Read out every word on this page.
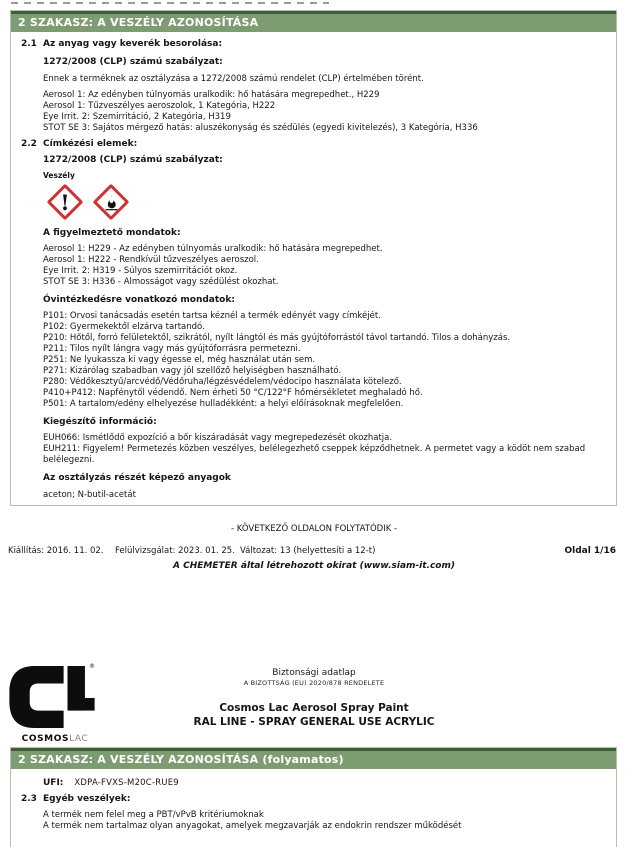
2 SZAKASZ: A VESZÉLY AZONOSÍTÁSA
2.1 Az anyag vagy keverék besorolása:
1272/2008 (CLP) számú szabályzat:
Ennek a terméknek az osztályzása a 1272/2008 számú rendelet (CLP) értelmében törént.
Aerosol 1: Az edényben túlnyomás uralkodik: hő hatására megrepedhet., H229
Aerosol 1: Tűzveszélyes aeroszolok, 1 Kategória, H222
Eye Irrit. 2: Szemirritáció, 2 Kategória, H319
STOT SE 3: Sajátos mérgező hatás: aluszékonyság és szédülés (egyedi kivitelezés), 3 Kategória, H336
2.2 Címkézési elemek:
1272/2008 (CLP) számú szabályzat:
Veszély
!
A figyelmeztető mondatok:
Aerosol 1: H229 - Az edényben túlnyomás uralkodik: hő hatására megrepedhet.
Aerosol 1: H222 - Rendkívül tűzveszélyes aeroszol.
Eye Irrit. 2: H319 - Súlyos szemirritációt okoz.
STOT SE 3: H336 - Almosságot vagy szédülést okozhat.
Óvintézkedésre vonatkozó mondatok:
P101: Orvosi tanácsadás esetén tartsa kéznél a termék edényét vagy címkéjét.
P102: Gyermekektől elzárva tartandó.
P210: Hőtől, forró felületektől, szikrától, nyílt lángtól és más gyújtóforrástól távol tartandó. Tilos a dohányzás.
P211: Tilos nyílt lángra vagy más gyújtóforrásra permetezni.
P251: Ne lyukassza ki vagy égesse el, még használat után sem.
P271: Kizárólag szabadban vagy jól szellőző helyiségben használható.
P280: Védőkesztyű/arcvédő/Védőruha/légzésvédelem/védocipo használata kötelező.
P410+P412: Napfénytől védendő. Nem érheti 50 °C/122°F hőmérsékletet meghaladó hő.
P501: A tartalom/edény elhelyezése hulladékként: a helyi előírásoknak megfelelően.
Kiegészítő információ:
EUH066: Ismétlődő expozíció a bőr kiszáradását vagy megrepedezését okozhatja.
EUH211: Figyelem! Permetezés közben veszélyes, belélegezhető cseppek képződhetnek. A permetet vagy a ködöt nem szabad belélegezni.
Az osztályzás részét képező anyagok
aceton; N-butil-acetát
- KÖVETKEZŐ OLDALON FOLYTATÓDIK -
Kiállítás: 2016. 11. 02. Felülvizsgálat: 2023. 01. 25. Változat: 13 (helyettesíti a 12-t)	Oldal 1/16
A CHEMETER által létrehozott okirat (www.siam-it.com)
®
COSMOSLAC
Biztonsági adatlap
A BIZOTTSÁG (EU) 2020/878 RENDELETE
Cosmos Lac Aerosol Spray Paint
RAL LINE - SPRAY GENERAL USE ACRYLIC
2 SZAKASZ: A VESZÉLY AZONOSÍTÁSA (folyamatos)
UFI: XDPA-FVXS-M20C-RUE9
2.3 Egyéb veszélyek:
A termék nem felel meg a PBT/vPvB kritériumoknak
A termék nem tartalmaz olyan anyagokat, amelyek megzavarják az endokrin rendszer működését
